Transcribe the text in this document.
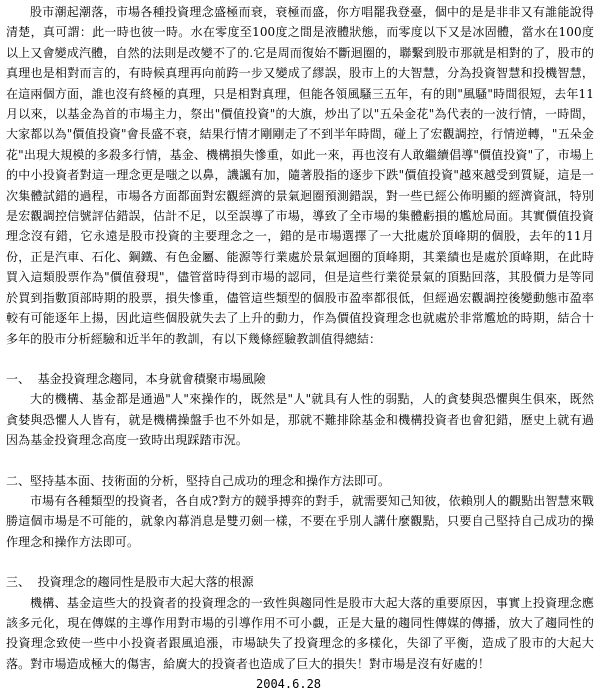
股市潮起潮落，市場各種投資理念盛極而衰，衰極而盛，你方唱罷我登臺，個中的是是非非又有誰能說得清楚，真可謂：此一時也彼一時。水在零度至100度之間是液體狀態，而零度以下又是冰固體，當水在100度以上又會變成汽體，自然的法則是改變不了的.它是周而復始不斷迴圈的，聯繫到股市那就是相對的了，股市的真理也是相對而言的，有時候真理再向前跨一步又變成了繆誤，股市上的大智慧，分為投資智慧和投機智慧，在這兩個方面，誰也沒有終極的真理，只是相對真理，但能各領風騷三五年，有的則"風騷"時間很短，去年11月以來，以基金為首的市場主力，祭出"價值投資"的大旗，炒出了以"五朵金花"為代表的一波行情，一時間，大家都以為"價值投資"會長盛不衰，結果行情才剛剛走了不到半年時間，碰上了宏觀調控，行情逆轉，"五朵金花"出現大規模的多殺多行情，基金、機構損失慘重，如此一來，再也沒有人敢繼續倡導"價值投資"了，市場上的中小投資者對這一理念更是嗤之以鼻，譏諷有加，隨著股指的逐步下跌"價值投資"越來越受到質疑，這是一次集體試錯的過程，市場各方面都面對宏觀經濟的景氣迴圈預測錯誤，對一些已經公佈明顯的經濟資訊，特別是宏觀調控信號評估錯誤，估計不足，以至誤導了市場，導致了全市場的集體虧損的尷尬局面。其實價值投資理念沒有錯，它永遠是股市投資的主要理念之一，錯的是市場選擇了一大批處於頂峰期的個股，去年的11月份，正是汽車、石化、鋼鐵、有色金屬、能源等行業處於景氣迴圈的頂峰期，其業績也是處於頂峰期，在此時買入這類股票作為"價值發現"，儘管當時得到市場的認同，但是這些行業從景氣的頂點回落，其股價力是等同於買到指數頂部時期的股票，損失慘重，儘管這些類型的個股市盈率都很低，但經過宏觀調控後變動態市盈率較有可能逐年上揚，因此這些個股就失去了上升的動力，作為價值投資理念也就處於非常尷尬的時期，結合十多年的股市分析經驗和近半年的教訓，有以下幾條經驗教訓值得總結：

一、  基金投資理念趨同，本身就會積聚市場風險

大的機構、基金都是通過"人"來操作的，既然是"人"就具有人性的弱點，人的貪婪與恐懼與生俱來，既然貪婪與恐懼人人皆有，就是機構操盤手也不外如是，那就不難排除基金和機構投資者也會犯錯，歷史上就有過因為基金投資理念高度一致時出現踩踏市況。

二、堅持基本面、技術面的分析，堅持自己成功的理念和操作方法即可。

市場有各種類型的投資者，各自成?對方的競爭搏弈的對手，就需要知己知彼，依賴別人的觀點出智慧來戰勝這個市場是不可能的，就象內幕消息是雙刃劍一樣，不要在乎別人講什麼觀點，只要自己堅持自己成功的操作理念和操作方法即可。

三、  投資理念的趨同性是股市大起大落的根源

機構、基金這些大的投資者的投資理念的一致性與趨同性是股市大起大落的重要原因，事實上投資理念應該多元化，現在傳媒的主導作用對市場的引導作用不可小覷，正是大量的趨同性傳媒的傳播，放大了趨同性的投資理念致使一些中小投資者跟風追漲，市場缺失了投資理念的多樣化，失卻了平衡，造成了股市的大起大落。對市場造成極大的傷害，給廣大的投資者也造成了巨大的損失！對市場是沒有好處的！

2004.6.28
